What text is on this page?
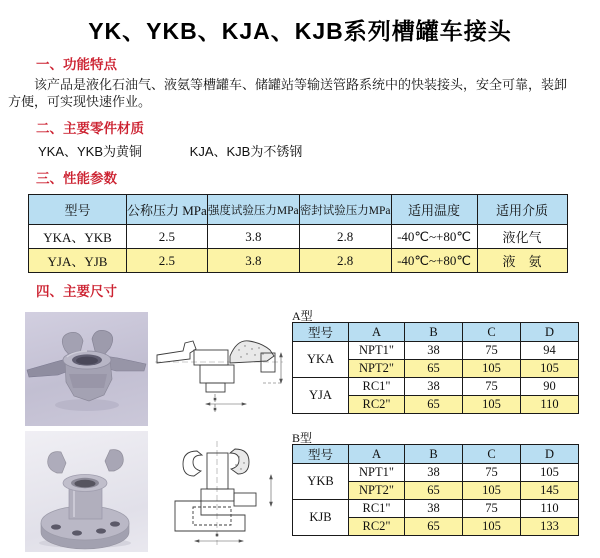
YK、YKB、KJA、KJB系列槽罐车接头
一、功能特点
该产品是液化石油气、液氨等槽罐车、储罐站等输送管路系统中的快装接头，安全可靠，装卸方便，可实现快速作业。
二、主要零件材质
YKA、YKB为黄铜	KJA、KJB为不锈钢
三、性能参数
型号	公称压力 MPa	强度试验压力MPa	密封试验压力MPa	适用温度	适用介质
YKA、YKB	2.5	3.8	2.8	-40℃~+80℃	液化气
YJA、YJB	2.5	3.8	2.8	-40℃~+80℃	液　氨
四、主要尺寸
A型
型号	A	B	C	D
YKA	NPT1"	38	75	94
	NPT2"	65	105	105
YJA	RC1"	38	75	90
	RC2"	65	105	110
B型
型号	A	B	C	D
YKB	NPT1"	38	75	105
	NPT2"	65	105	145
KJB	RC1"	38	75	110
	RC2"	65	105	133
